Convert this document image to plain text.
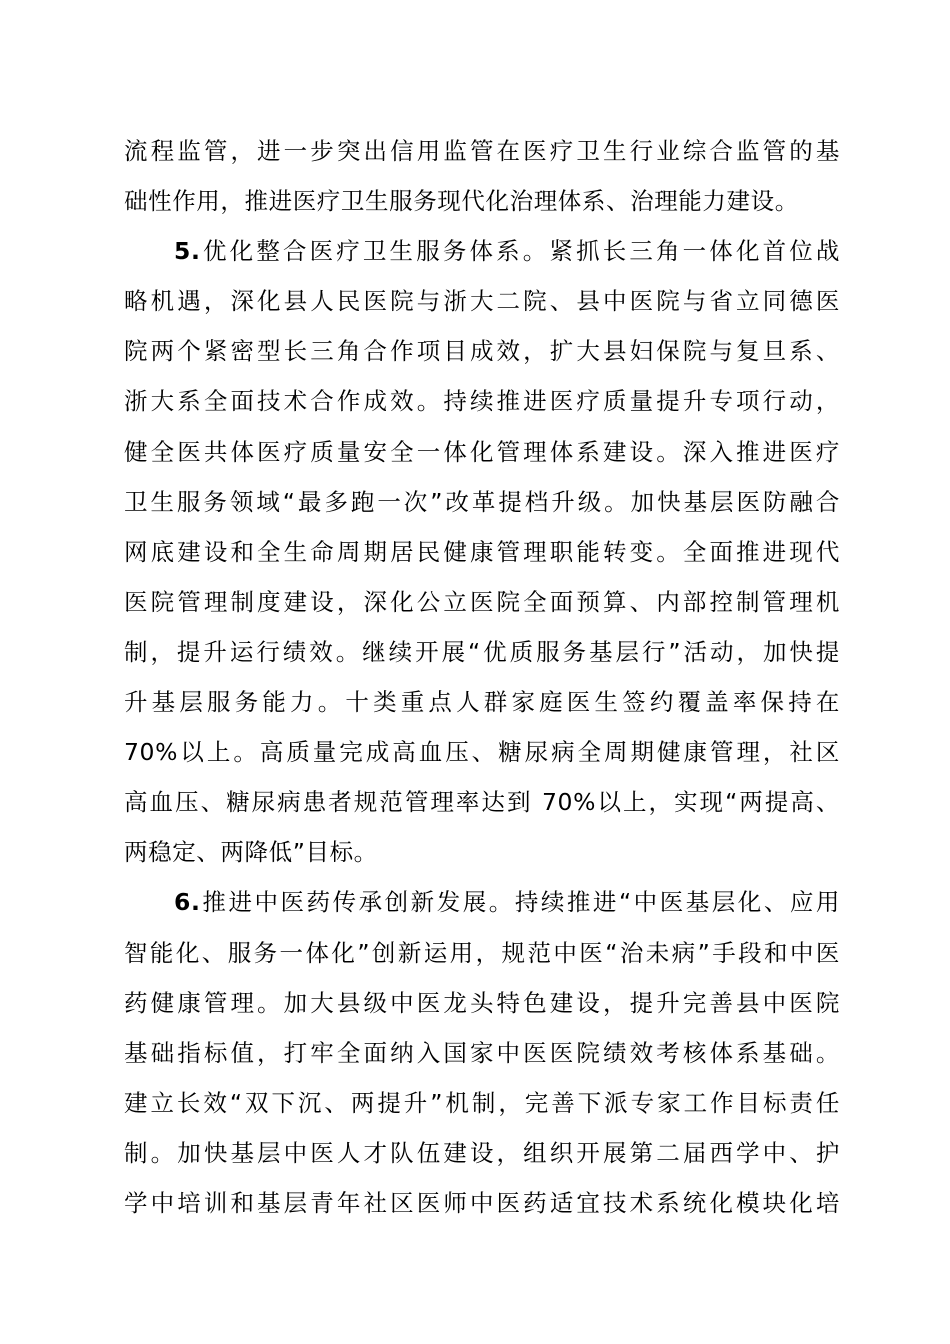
流程监管，进一步突出信用监管在医疗卫生行业综合监管的基
础性作用，推进医疗卫生服务现代化治理体系、治理能力建设。
5.优化整合医疗卫生服务体系。紧抓长三角一体化首位战
略机遇，深化县人民医院与浙大二院、县中医院与省立同德医
院两个紧密型长三角合作项目成效，扩大县妇保院与复旦系、
浙大系全面技术合作成效。持续推进医疗质量提升专项行动，
健全医共体医疗质量安全一体化管理体系建设。深入推进医疗
卫生服务领域“最多跑一次”改革提档升级。加快基层医防融合
网底建设和全生命周期居民健康管理职能转变。全面推进现代
医院管理制度建设，深化公立医院全面预算、内部控制管理机
制，提升运行绩效。继续开展“优质服务基层行”活动，加快提
升基层服务能力。十类重点人群家庭医生签约覆盖率保持在
70%以上。高质量完成高血压、糖尿病全周期健康管理，社区
高血压、糖尿病患者规范管理率达到 70%以上，实现“两提高、
两稳定、两降低”目标。
6.推进中医药传承创新发展。持续推进“中医基层化、应用
智能化、服务一体化”创新运用，规范中医“治未病”手段和中医
药健康管理。加大县级中医龙头特色建设，提升完善县中医院
基础指标值，打牢全面纳入国家中医医院绩效考核体系基础。
建立长效“双下沉、两提升”机制，完善下派专家工作目标责任
制。加快基层中医人才队伍建设，组织开展第二届西学中、护
学中培训和基层青年社区医师中医药适宜技术系统化模块化培
